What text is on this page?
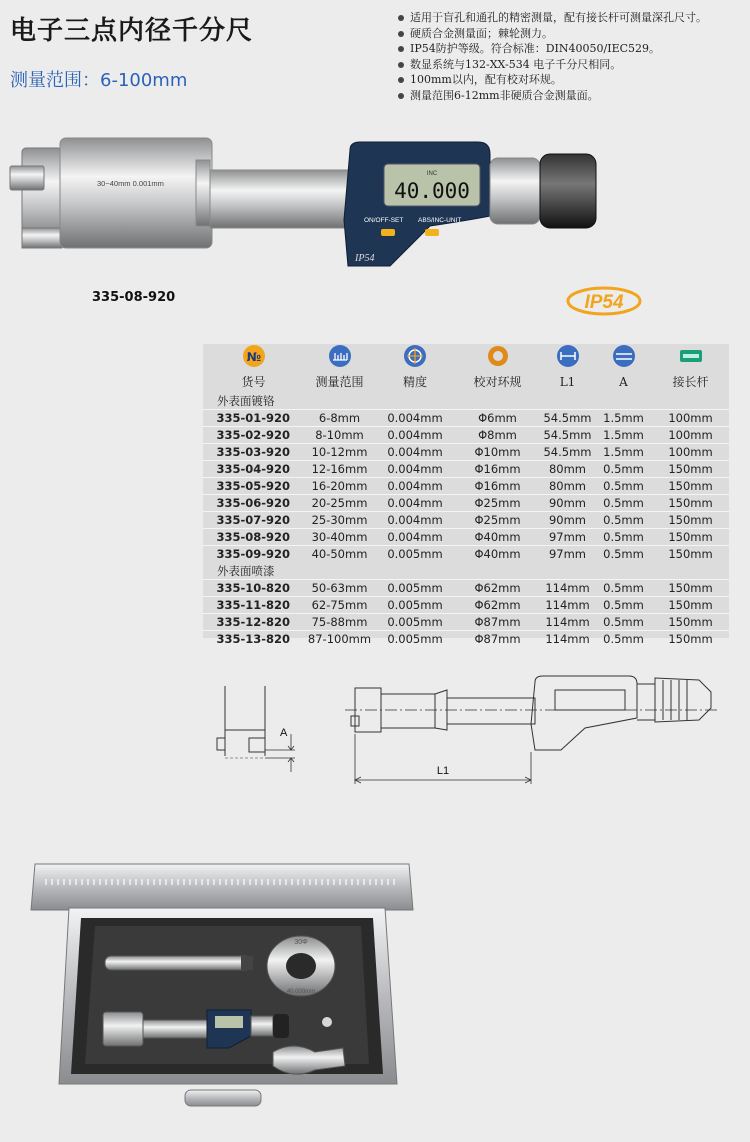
电子三点内径千分尺
测量范围：6-100mm
适用于盲孔和通孔的精密测量，配有接长杆可测量深孔尺寸。
硬质合金测量面；棘轮测力。
IP54防护等级。符合标准：DIN40050/IEC529。
数显系统与132-XX-534 电子千分尺相同。
100mm以内，配有校对环规。
测量范围6-12mm非硬质合金测量面。
30~40mm 0.001mm
INC
40.000
ON/OFF-SET ABS/INC-UNIT
IP54
335-08-920	IP54
№

货号	测量范围	精度	校对环规	L1	A	接长杆
外表面镀铬						
335-01-920	6-8mm	0.004mm	Φ6mm	54.5mm	1.5mm	100mm
335-02-920	8-10mm	0.004mm	Φ8mm	54.5mm	1.5mm	100mm
335-03-920	10-12mm	0.004mm	Φ10mm	54.5mm	1.5mm	100mm
335-04-920	12-16mm	0.004mm	Φ16mm	80mm	0.5mm	150mm
335-05-920	16-20mm	0.004mm	Φ16mm	80mm	0.5mm	150mm
335-06-920	20-25mm	0.004mm	Φ25mm	90mm	0.5mm	150mm
335-07-920	25-30mm	0.004mm	Φ25mm	90mm	0.5mm	150mm
335-08-920	30-40mm	0.004mm	Φ40mm	97mm	0.5mm	150mm
335-09-920	40-50mm	0.005mm	Φ40mm	97mm	0.5mm	150mm
外表面喷漆						
335-10-820	50-63mm	0.005mm	Φ62mm	114mm	0.5mm	150mm
335-11-820	62-75mm	0.005mm	Φ62mm	114mm	0.5mm	150mm
335-12-820	75-88mm	0.005mm	Φ87mm	114mm	0.5mm	150mm
335-13-820	87-100mm	0.005mm	Φ87mm	114mm	0.5mm	150mm
A
L1
30Φ
40.000mm
